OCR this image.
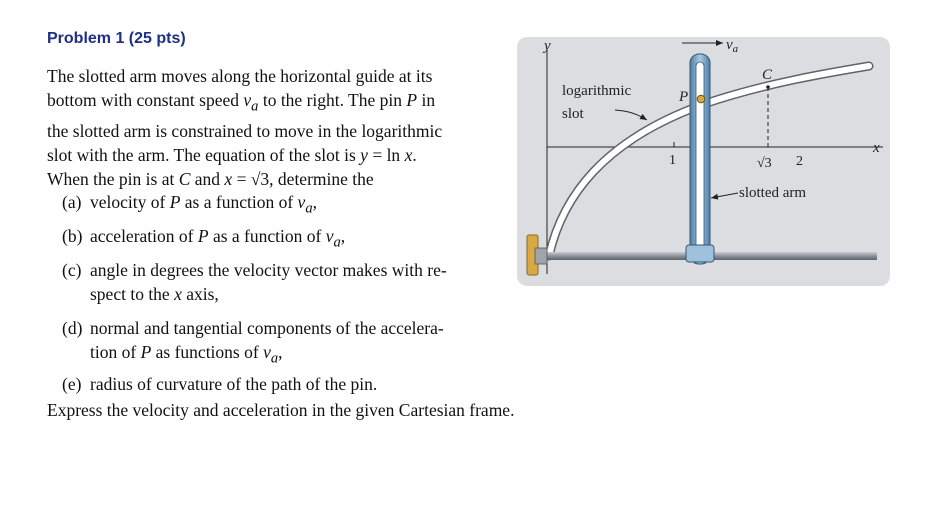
Problem 1 (25 pts)
The slotted arm moves along the horizontal guide at its
bottom with constant speed $v_a$ to the right. The pin P in
the slotted arm is constrained to move in the logarithmic
slot with the arm. The equation of the slot is y = ln x.
When the pin is at C and x = √3, determine the
(a) velocity of P as a function of $v_a$,
(b) acceleration of P as a function of $v_a$,
(c) angle in degrees the velocity vector makes with re-
spect to the x axis,
(d) normal and tangential components of the accelera-
tion of P as functions of $v_a$,
(e) radius of curvature of the path of the pin.
Express the velocity and acceleration in the given Cartesian frame.
y
x
C
1	√3 2
P
$v_a$
logarithmic
slot
slotted arm
